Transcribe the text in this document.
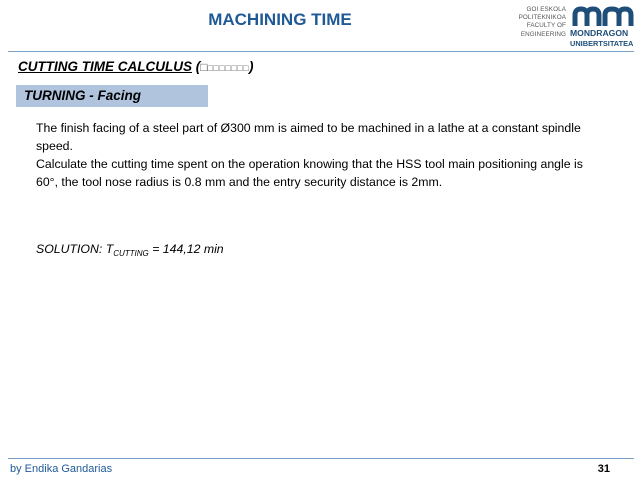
MACHINING TIME
GOI ESKOLA
POLITEKNIKOA
FACULTY OF
ENGINEERING MONDRAGON
UNIBERTSITATEA
CUTTING TIME CALCULUS (□□□□□□□□)
TURNING - Facing
The finish facing of a steel part of Ø300 mm is aimed to be machined in a lathe at a constant spindle speed.
Calculate the cutting time spent on the operation knowing that the HSS tool main positioning angle is 60°, the tool nose radius is 0.8 mm and the entry security distance is 2mm.
SOLUTION: $T_{CUTTING} = 144,12$ min
by Endika Gandarias	31
